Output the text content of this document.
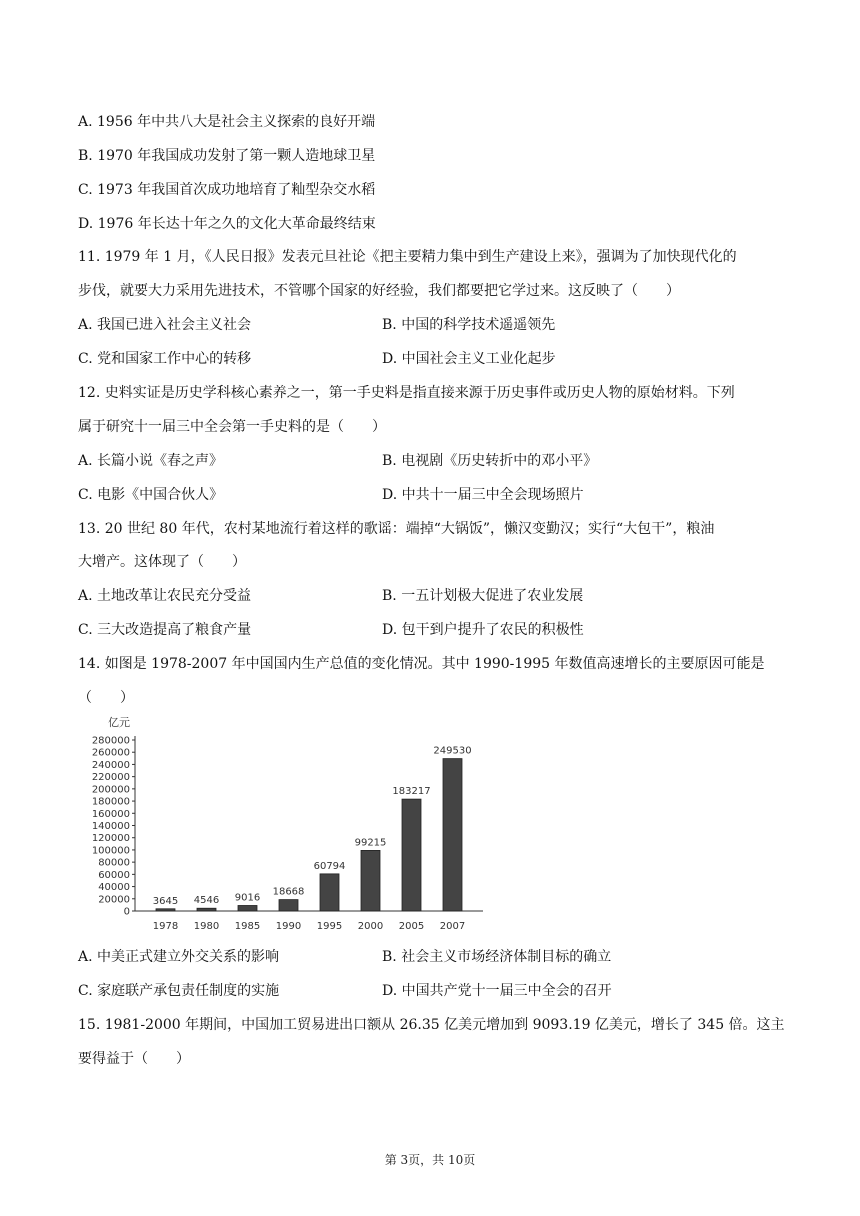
A. 1956 年中共八大是社会主义探索的良好开端
B. 1970 年我国成功发射了第一颗人造地球卫星
C. 1973 年我国首次成功地培育了籼型杂交水稻
D. 1976 年长达十年之久的文化大革命最终结束
11. 1979 年 1 月，《人民日报》发表元旦社论《把主要精力集中到生产建设上来》，强调为了加快现代化的
步伐，就要大力采用先进技术，不管哪个国家的好经验，我们都要把它学过来。这反映了（　　）
A. 我国已进入社会主义社会	B. 中国的科学技术遥遥领先
C. 党和国家工作中心的转移	D. 中国社会主义工业化起步
12. 史料实证是历史学科核心素养之一，第一手史料是指直接来源于历史事件或历史人物的原始材料。下列
属于研究十一届三中全会第一手史料的是（　　）
A. 长篇小说《春之声》	B. 电视剧《历史转折中的邓小平》
C. 电影《中国合伙人》	D. 中共十一届三中全会现场照片
13. 20 世纪 80 年代，农村某地流行着这样的歌谣：端掉“大锅饭”，懒汉变勤汉；实行“大包干”，粮油
大增产。这体现了（　　）
A. 土地改革让农民充分受益	B. 一五计划极大促进了农业发展
C. 三大改造提高了粮食产量	D. 包干到户提升了农民的积极性
14. 如图是 1978-2007 年中国国内生产总值的变化情况。其中 1990-1995 年数值高速增长的主要原因可能是
（　　）
亿元
0
20000
40000
60000
80000
100000
120000
140000
160000
180000
200000
220000
240000
260000
280000
3645 4546 9016
18668
60794
99215
183217
249530
1978 1980 1985 1990 1995 2000 2005 2007
A. 中美正式建立外交关系的影响	B. 社会主义市场经济体制目标的确立
C. 家庭联产承包责任制度的实施	D. 中国共产党十一届三中全会的召开
15. 1981-2000 年期间，中国加工贸易进出口额从 26.35 亿美元增加到 9093.19 亿美元，增长了 345 倍。这主
要得益于（　　）
第 3页，共 10页
